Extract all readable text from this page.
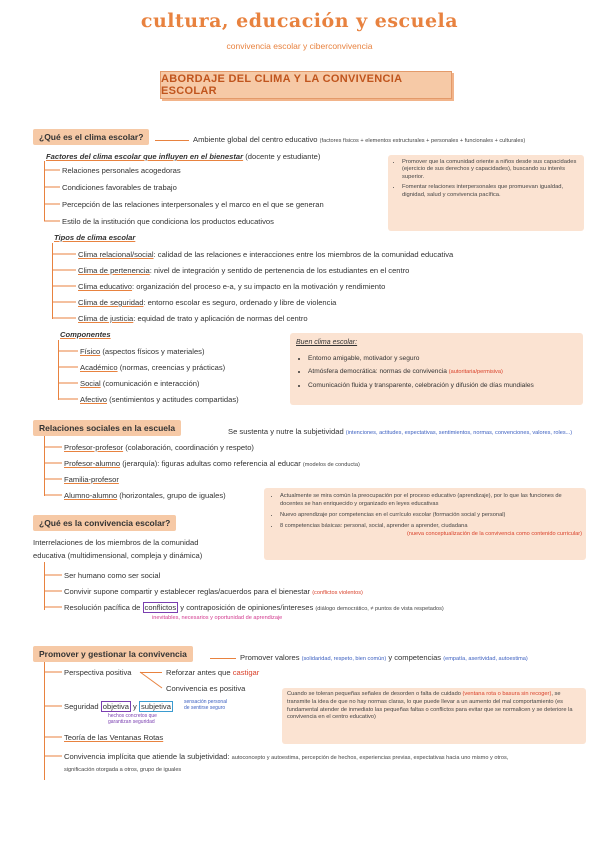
cultura, educación y escuela
convivencia escolar y ciberconvivencia
ABORDAJE DEL CLIMA Y LA CONVIVENCIA ESCOLAR
¿Qué es el clima escolar?	Ambiente global del centro educativo (factores físicos + elementos estructurales + personales + funcionales + culturales)
Factores del clima escolar que influyen en el bienestar (docente y estudiante)
Relaciones personales acogedoras
Condiciones favorables de trabajo
Percepción de las relaciones interpersonales y el marco en el que se generan
Estilo de la institución que condiciona los productos educativos
• Promover que la comunidad oriente a niños desde sus capacidades (ejercicio de sus derechos y capacidades), buscando su interés superior.
• Fomentar relaciones interpersonales que promuevan igualdad, dignidad, salud y convivencia pacífica.
Tipos de clima escolar
Clima relacional/social: calidad de las relaciones e interacciones entre los miembros de la comunidad educativa
Clima de pertenencia: nivel de integración y sentido de pertenencia de los estudiantes en el centro
Clima educativo: organización del proceso e-a, y su impacto en la motivación y rendimiento
Clima de seguridad: entorno escolar es seguro, ordenado y libre de violencia
Clima de justicia: equidad de trato y aplicación de normas del centro
Componentes
Físico (aspectos físicos y materiales)
Académico (normas, creencias y prácticas)
Social (comunicación e interacción)
Afectivo (sentimientos y actitudes compartidas)
Buen clima escolar:
• Entorno amigable, motivador y seguro
• Atmósfera democrática: normas de convivencia (autoritaria/permisiva)
• Comunicación fluida y transparente, celebración y difusión de días mundiales
Relaciones sociales en la escuela	Se sustenta y nutre la subjetividad (intenciones, actitudes, expectativas, sentimientos, normas, convenciones, valores, roles...)
Profesor-profesor (colaboración, coordinación y respeto)
Profesor-alumno (jerarquía): figuras adultas como referencia al educar (modelos de conducta)
Familia-profesor
Alumno-alumno (horizontales, grupo de iguales)
•	Actualmente se mira común la preocupación por el proceso educativo (aprendizaje), por lo que las funciones de docentes se han enriquecido y organizado en leyes educativas
• Nuevo aprendizaje por competencias en el currículo escolar (formación social y personal)
• 8 competencias básicas: personal, social, aprender a aprender, ciudadana
(nueva conceptualización de la convivencia como contenido curricular)
¿Qué es la convivencia escolar?
Interrelaciones de los miembros de la comunidad
educativa (multidimensional, compleja y dinámica)
Ser humano como ser social
Convivir supone compartir y establecer reglas/acuerdos para el bienestar (conflictos violentos)
Resolución pacífica de conflictos y contraposición de opiniones/intereses (diálogo democrático, ≠ puntos de vista respetados)
inevitables, necesarios y oportunidad de aprendizaje
Promover y gestionar la convivencia	Promover valores (solidaridad, respeto, bien común) y competencias (empatía, asertividad, autoestima)
Perspectiva positiva	Reforzar antes que castigar
Convivencia es positiva
Seguridad objetiva y subjetiva	sensación personal
de sentirse seguro
hechos concretos que
garantizan seguridad
Teoría de las Ventanas Rotas
Cuando se toleran pequeñas señales de desorden o falta de cuidado (ventana rota o basura sin recoger), se transmite la idea de que no hay normas claras, lo que puede llevar a un aumento del mal comportamiento (es fundamental atender de inmediato las pequeñas faltas o conflictos para evitar que se normalicen y se deteriore la convivencia en el centro educativo)
Convivencia implícita que atiende la subjetividad: autoconcepto y autoestima, percepción de hechos, experiencias previas, expectativas hacia uno mismo y otros,
significación otorgada a otros, grupo de iguales
